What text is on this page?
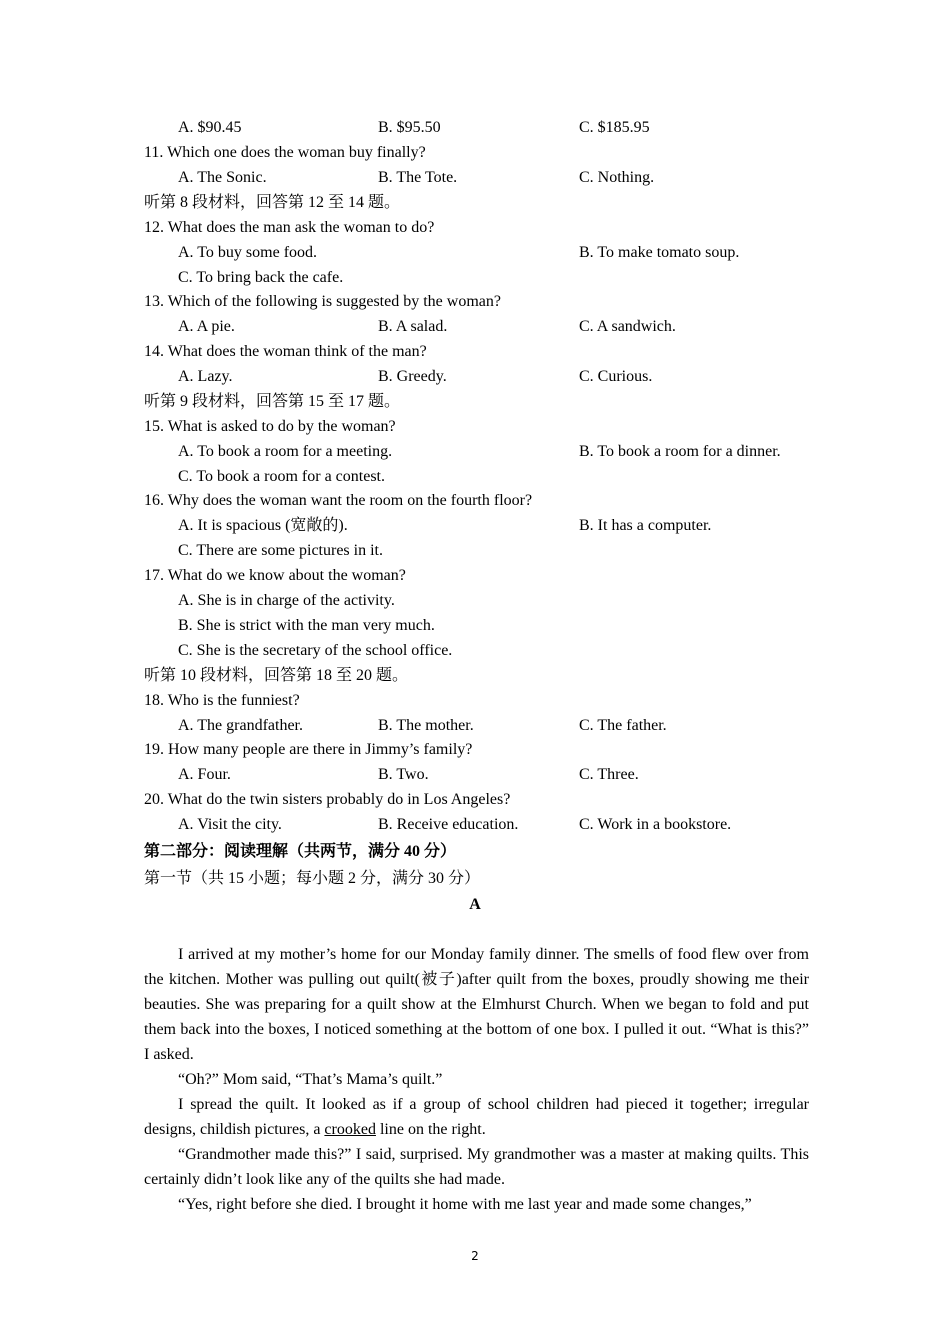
A. $90.45	B. $95.50	C. $185.95
11. Which one does the woman buy finally?
A. The Sonic.	B. The Tote.	C. Nothing.
听第 8 段材料，回答第 12 至 14 题。
12. What does the man ask the woman to do?
A. To buy some food.	B. To make tomato soup.
C. To bring back the cafe.
13. Which of the following is suggested by the woman?
A. A pie.	B. A salad.	C. A sandwich.
14. What does the woman think of the man?
A. Lazy.	B. Greedy.	C. Curious.
听第 9 段材料，回答第 15 至 17 题。
15. What is asked to do by the woman?
A. To book a room for a meeting.	B. To book a room for a dinner.
C. To book a room for a contest.
16. Why does the woman want the room on the fourth floor?
A. It is spacious (宽敞的).	B. It has a computer.
C. There are some pictures in it.
17. What do we know about the woman?
A. She is in charge of the activity.
B. She is strict with the man very much.
C. She is the secretary of the school office.
听第 10 段材料，回答第 18 至 20 题。
18. Who is the funniest?
A. The grandfather.	B. The mother.	C. The father.
19. How many people are there in Jimmy’s family?
A. Four.	B. Two.	C. Three.
20. What do the twin sisters probably do in Los Angeles?
A. Visit the city.	B. Receive education.	C. Work in a bookstore.
第二部分：阅读理解（共两节，满分 40 分）
第一节（共 15 小题；每小题 2 分，满分 30 分）
A
I arrived at my mother’s home for our Monday family dinner. The smells of food flew over from the kitchen. Mother was pulling out quilt(被子)after quilt from the boxes, proudly showing me their beauties. She was preparing for a quilt show at the Elmhurst Church. When we began to fold and put them back into the boxes, I noticed something at the bottom of one box. I pulled it out. “What is this?” I asked.
“Oh?” Mom said, “That’s Mama’s quilt.”
I spread the quilt. It looked as if a group of school children had pieced it together; irregular designs, childish pictures, a crooked line on the right.
“Grandmother made this?” I said, surprised. My grandmother was a master at making quilts. This certainly didn’t look like any of the quilts she had made.
“Yes, right before she died. I brought it home with me last year and made some changes,”
2
